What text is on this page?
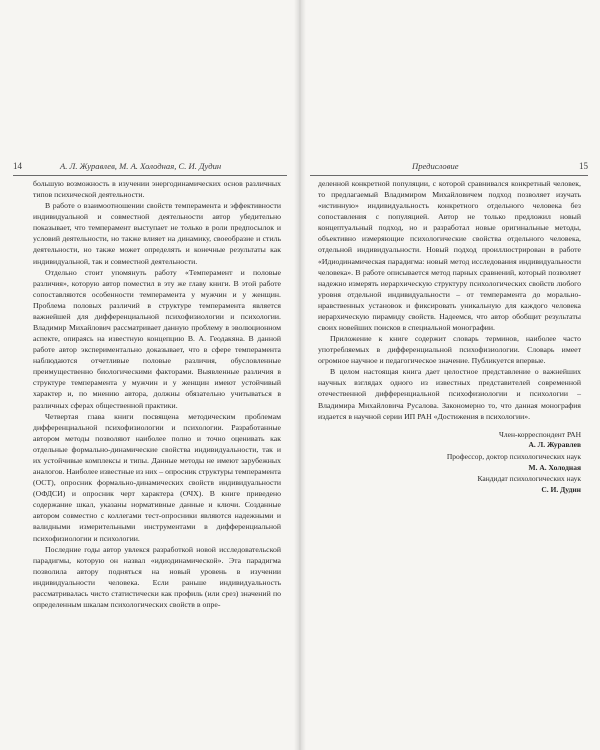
14	А. Л. Журавлев, М. А. Холодная, С. И. Дудин

большую возможность в изучении энергодинамических основ различных типов психической деятельности.

В работе о взаимоотношении свойств темперамента и эффективности индивидуальной и совместной деятельности автор убедительно показывает, что темперамент выступает не только в роли предпосылок и условий деятельности, но также влияет на динамику, своеобразие и стиль деятельности, но также может определять и конечные результаты как индивидуальной, так и совместной деятельности.

Отдельно стоит упомянуть работу «Темперамент и половые различия», которую автор поместил в эту же главу книги. В этой работе сопоставляются особенности темперамента у мужчин и у женщин. Проблема половых различий в структуре темперамента является важнейшей для дифференциальной психофизиологии и психологии. Владимир Михайлович рассматривает данную проблему в эволюционном аспекте, опираясь на известную концепцию В. А. Геодакяна. В данной работе автор экспериментально доказывает, что в сфере темперамента наблюдаются отчетливые половые различия, обусловленные преимущественно биологическими факторами. Выявленные различия в структуре темперамента у мужчин и у женщин имеют устойчивый характер и, по мнению автора, должны обязательно учитываться в различных сферах общественной практики.

Четвертая глава книги посвящена методическим проблемам дифференциальной психофизиологии и психологии. Разработанные автором методы позволяют наиболее полно и точно оценивать как отдельные формально-динамические свойства индивидуальности, так и их устойчивые комплексы и типы. Данные методы не имеют зарубежных аналогов. Наиболее известные из них – опросник структуры темперамента (ОСТ), опросник формально-динамических свойств индивидуальности (ОФДСИ) и опросник черт характера (ОЧХ). В книге приведено содержание шкал, указаны нормативные данные и ключи. Созданные автором совместно с коллегами тест-опросники являются надежными и валидными измерительными инструментами в дифференциальной психофизиологии и психологии.

Последние годы автор увлекся разработкой новой исследовательской парадигмы, которую он назвал «идиодинамической». Эта парадигма позволила автору подняться на новый уровень в изучении индивидуальности человека. Если раньше индивидуальность рассматривалась чисто статистически как профиль (или срез) значений по определенным шкалам психологических свойств в опре-

Предисловие	15

деленной конкретной популяции, с которой сравнивался конкретный человек, то предлагаемый Владимиром Михайловичем подход позволяет изучать «истинную» индивидуальность конкретного отдельного человека без сопоставления с популяцией. Автор не только предложил новый концептуальный подход, но и разработал новые оригинальные методы, объективно измеряющие психологические свойства отдельного человека, отдельной индивидуальности. Новый подход проиллюстрирован в работе «Идиодинамическая парадигма: новый метод исследования индивидуальности человека». В работе описывается метод парных сравнений, который позволяет надежно измерять иерархическую структуру психологических свойств любого уровня отдельной индивидуальности – от темперамента до морально-нравственных установок и фиксировать уникальную для каждого человека иерархическую пирамиду свойств. Надеемся, что автор обобщит результаты своих новейших поисков в специальной монографии.

Приложение к книге содержит словарь терминов, наиболее часто употребляемых в дифференциальной психофизиологии. Словарь имеет огромное научное и педагогическое значение. Публикуется впервые.

В целом настоящая книга дает целостное представление о важнейших научных взглядах одного из известных представителей современной отечественной дифференциальной психофизиологии и психологии – Владимира Михайловича Русалова. Закономерно то, что данная монография издается в научной серии ИП РАН «Достижения в психологии».

Член-корреспондент РАН
А. Л. Журавлев
Профессор, доктор психологических наук
М. А. Холодная
Кандидат психологических наук
С. И. Дудин
